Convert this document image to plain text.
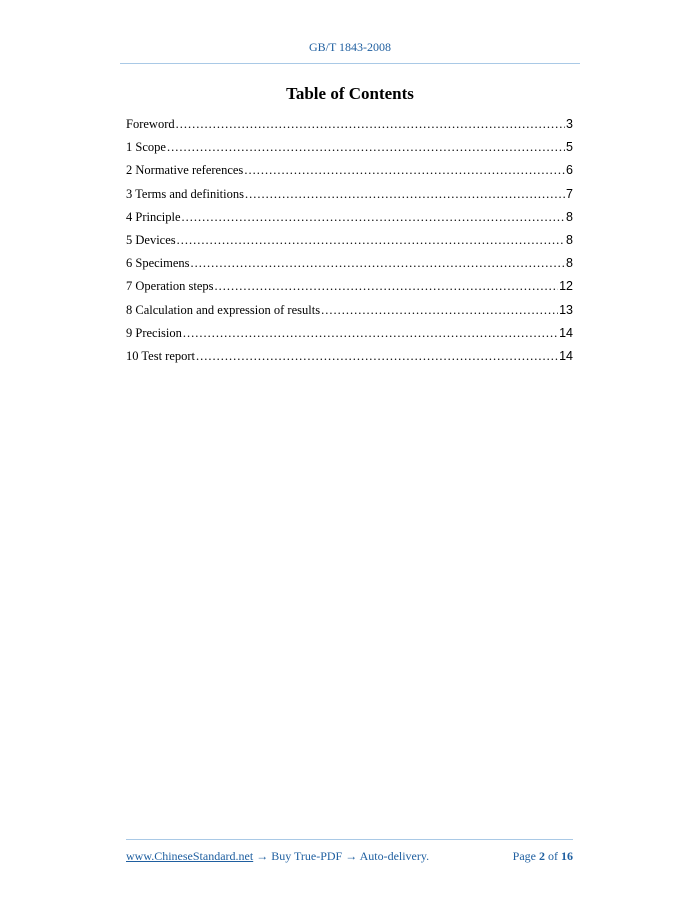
GB/T 1843-2008
Table of Contents
Foreword .....	3
1 Scope .....	5
2 Normative references .....	6
3 Terms and definitions .....	7
4 Principle .....	8
5 Devices .....	8
6 Specimens .....	8
7 Operation steps .....	12
8 Calculation and expression of results .....	13
9 Precision .....	14
10 Test report .....	14
www.ChineseStandard.net → Buy True-PDF → Auto-delivery.	Page 2 of 16
